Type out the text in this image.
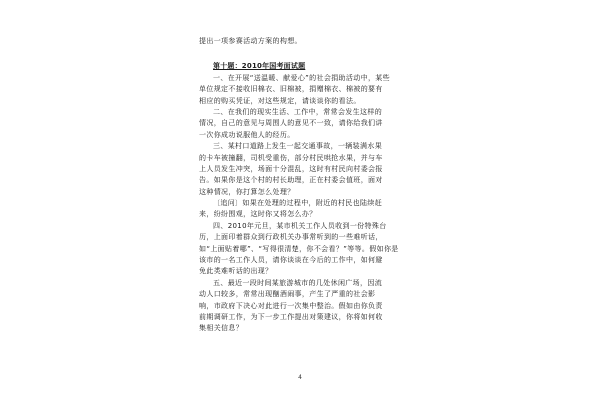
提出一项参赛活动方案的构想。
第十题：2010年国考面试题
一、在开展“送温暖、献爱心”的社会捐助活动中，某些
单位规定不接收旧棉衣、旧棉被，捐赠棉衣、棉被的要有
相应的购买凭证，对这些规定，请谈谈你的看法。
二、在我们的现实生活、工作中，常常会发生这样的
情况，自己的意见与周围人的意见不一致，请你给我们讲
一次你成功说服他人的经历。
三、某村口道路上发生一起交通事故，一辆装满水果
的卡车被撞翻，司机受重伤，部分村民哄抢水果，并与车
上人员发生冲突，场面十分混乱，这时有村民向村委会报
告。如果你是这个村的村长助理，正在村委会值班，面对
这种情况，你打算怎么处理？
〔追问〕如果在处理的过程中，附近的村民也陆续赶
来，纷纷围观，这时你又将怎么办？
四、2010年元旦，某市机关工作人员收到一份特殊台
历，上面印着群众到行政机关办事常听到的一些难听话，
如“上面贴着哪”、“写得很清楚，你不会看？”等等。假如你是
该市的一名工作人员，请你谈谈在今后的工作中，如何避
免此类难听话的出现？
五、最近一段时间某旅游城市的几处休闲广场，因流
动人口较多，常常出现酗酒闹事，产生了严重的社会影
响，市政府下决心对此进行一次集中整治。假如由你负责
前期调研工作，为下一步工作提出对策建议，你将如何收
集相关信息？
4
